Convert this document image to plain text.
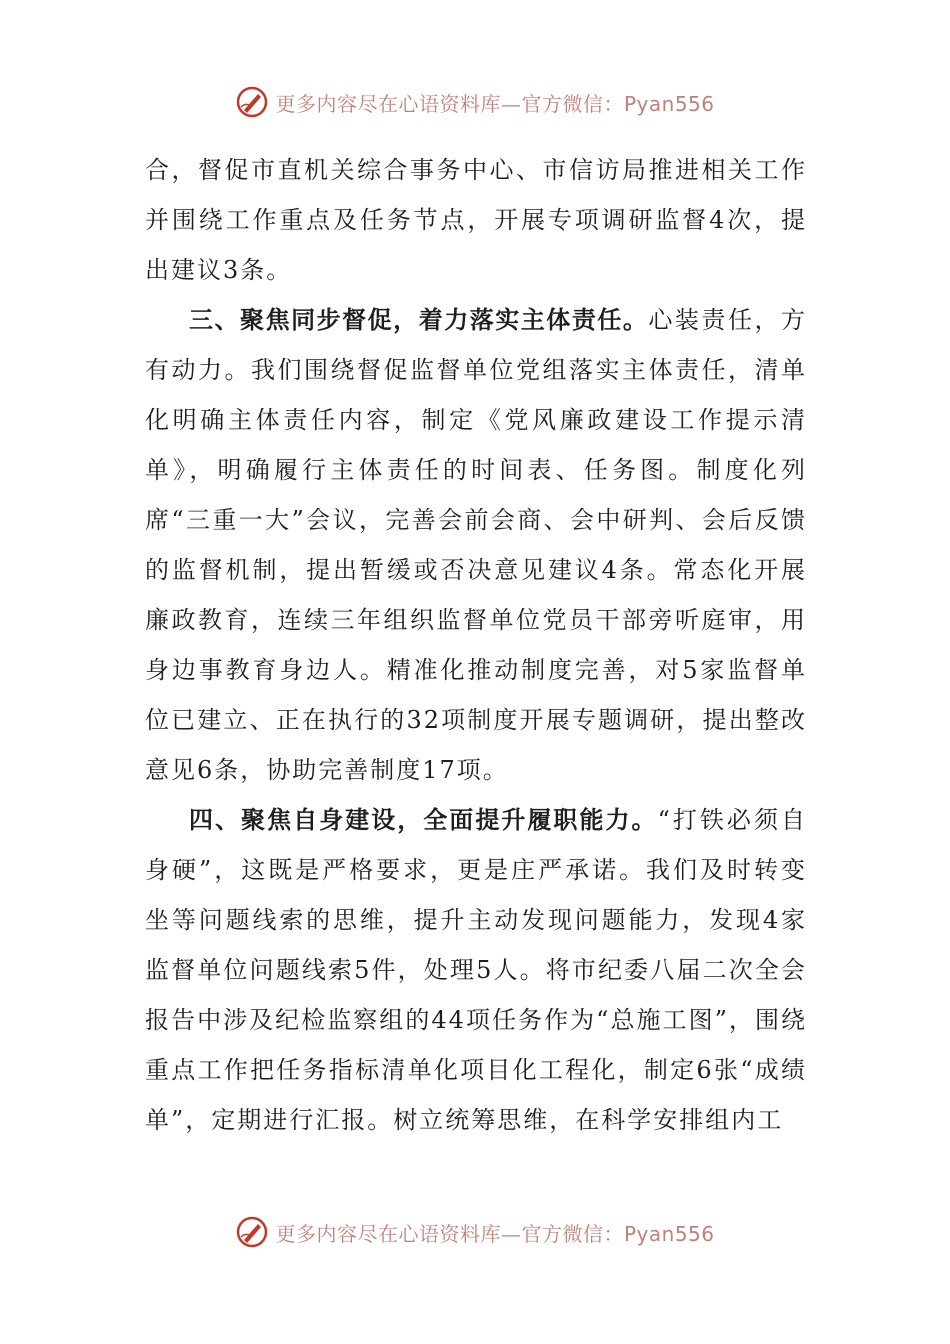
更多内容尽在心语资料库—官方微信：Pyan556

合，督促市直机关综合事务中心、市信访局推进相关工作并围绕工作重点及任务节点，开展专项调研监督4次，提出建议3条。

三、聚焦同步督促，着力落实主体责任。心装责任，方有动力。我们围绕督促监督单位党组落实主体责任，清单化明确主体责任内容，制定《党风廉政建设工作提示清单》，明确履行主体责任的时间表、任务图。制度化列席“三重一大”会议，完善会前会商、会中研判、会后反馈的监督机制，提出暂缓或否决意见建议4条。常态化开展廉政教育，连续三年组织监督单位党员干部旁听庭审，用身边事教育身边人。精准化推动制度完善，对5家监督单位已建立、正在执行的32项制度开展专题调研，提出整改意见6条，协助完善制度17项。

四、聚焦自身建设，全面提升履职能力。“打铁必须自身硬”，这既是严格要求，更是庄严承诺。我们及时转变坐等问题线索的思维，提升主动发现问题能力，发现4家监督单位问题线索5件，处理5人。将市纪委八届二次全会报告中涉及纪检监察组的44项任务作为“总施工图”，围绕重点工作把任务指标清单化项目化工程化，制定6张“成绩单”，定期进行汇报。树立统筹思维，在科学安排组内工

更多内容尽在心语资料库—官方微信：Pyan556
